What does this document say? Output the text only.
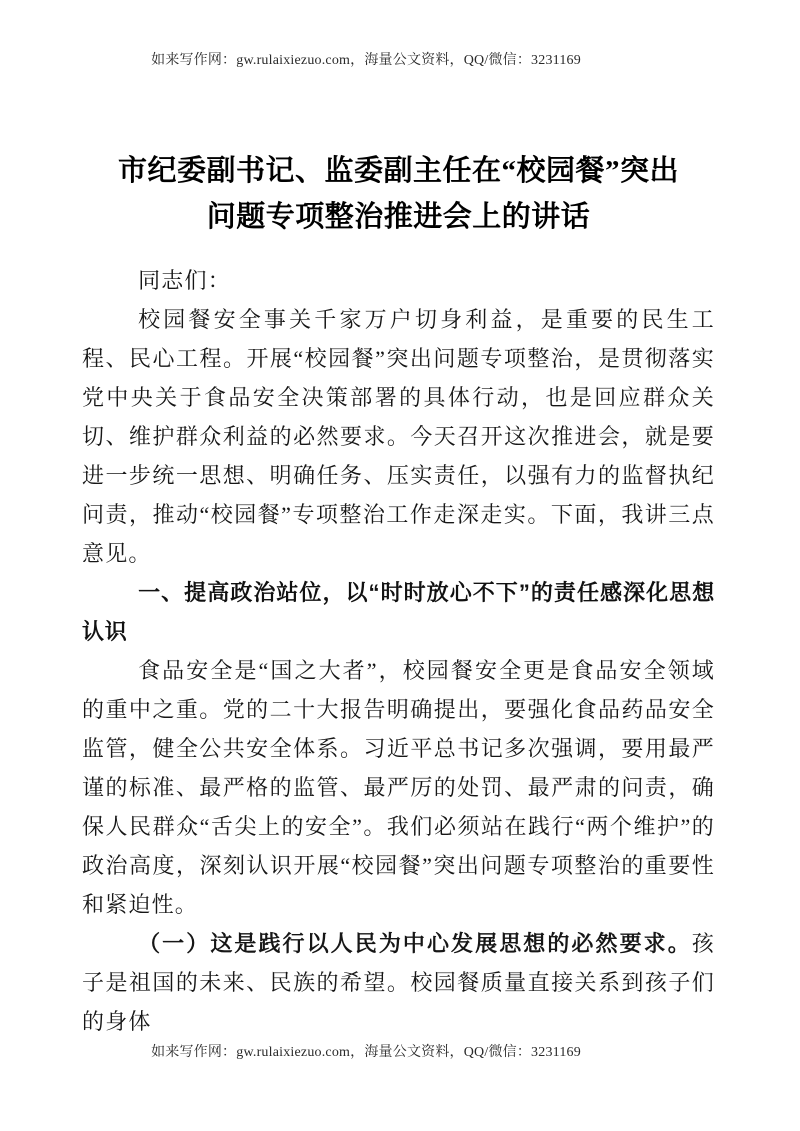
如来写作网：gw.rulaixiezuo.com，海量公文资料，QQ/微信：3231169
市纪委副书记、监委副主任在“校园餐”突出
问题专项整治推进会上的讲话

同志们：

校园餐安全事关千家万户切身利益，是重要的民生工程、民心工程。开展“校园餐”突出问题专项整治，是贯彻落实党中央关于食品安全决策部署的具体行动，也是回应群众关切、维护群众利益的必然要求。今天召开这次推进会，就是要进一步统一思想、明确任务、压实责任，以强有力的监督执纪问责，推动“校园餐”专项整治工作走深走实。下面，我讲三点意见。

一、提高政治站位，以“时时放心不下”的责任感深化思想认识

食品安全是“国之大者”，校园餐安全更是食品安全领域的重中之重。党的二十大报告明确提出，要强化食品药品安全监管，健全公共安全体系。习近平总书记多次强调，要用最严谨的标准、最严格的监管、最严厉的处罚、最严肃的问责，确保人民群众“舌尖上的安全”。我们必须站在践行“两个维护”的政治高度，深刻认识开展“校园餐”突出问题专项整治的重要性和紧迫性。

（一）这是践行以人民为中心发展思想的必然要求。孩子是祖国的未来、民族的希望。校园餐质量直接关系到孩子们的身体

如来写作网：gw.rulaixiezuo.com，海量公文资料，QQ/微信：3231169
